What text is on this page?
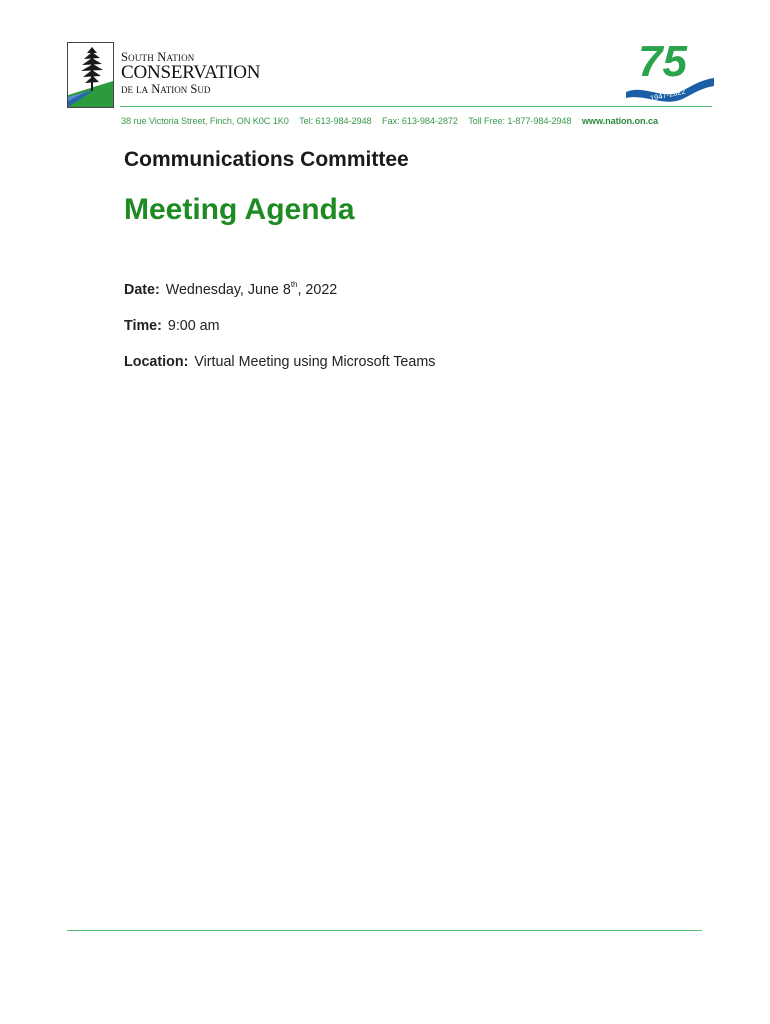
South Nation
CONSERVATION
de la Nation Sud
75
1947-2022
38 rue Victoria Street, Finch, ON K0C 1K0 Tel: 613-984-2948 Fax: 613-984-2872 Toll Free: 1-877-984-2948 www.nation.on.ca
Communications Committee
Meeting Agenda
Date: Wednesday, June 8th, 2022
Time: 9:00 am
Location: Virtual Meeting using Microsoft Teams
